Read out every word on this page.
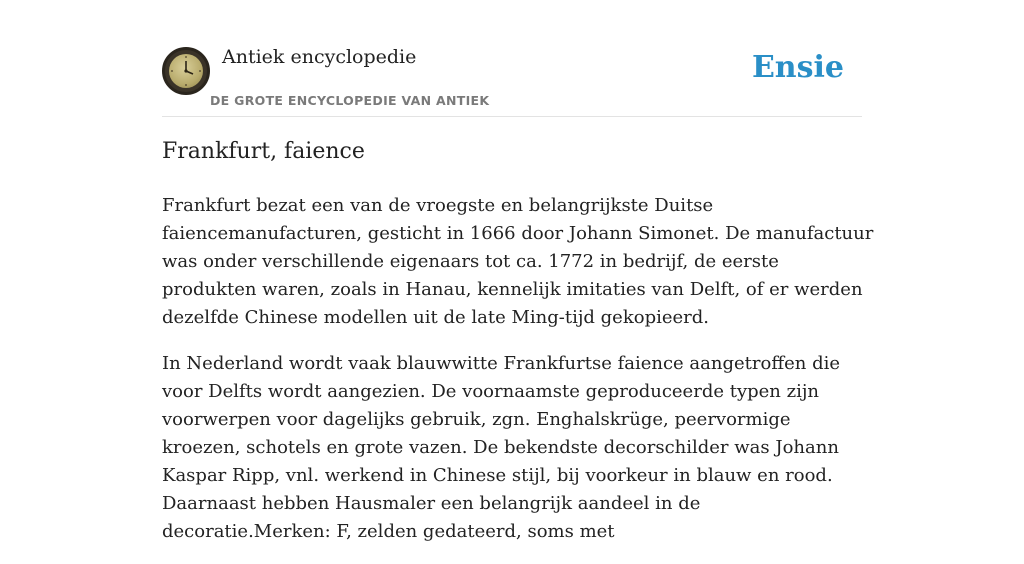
Antiek encyclopedie
DE GROTE ENCYCLOPEDIE VAN ANTIEK
Ensie
Frankfurt, faience

Frankfurt bezat een van de vroegste en belangrijkste Duitse faiencemanufacturen, gesticht in 1666 door Johann Simonet. De manufactuur was onder verschillende eigenaars tot ca. 1772 in bedrijf, de eerste produkten waren, zoals in Hanau, kennelijk imitaties van Delft, of er werden dezelfde Chinese modellen uit de late Ming-tijd gekopieerd.

In Nederland wordt vaak blauwwitte Frankfurtse faience aangetroffen die voor Delfts wordt aangezien. De voornaamste geproduceerde typen zijn voorwerpen voor dagelijks gebruik, zgn. Enghalskrüge, peervormige kroezen, schotels en grote vazen. De bekendste decorschilder was Johann Kaspar Ripp, vnl. werkend in Chinese stijl, bij voorkeur in blauw en rood. Daarnaast hebben Hausmaler een belangrijk aandeel in de decoratie.Merken: F, zelden gedateerd, soms met
